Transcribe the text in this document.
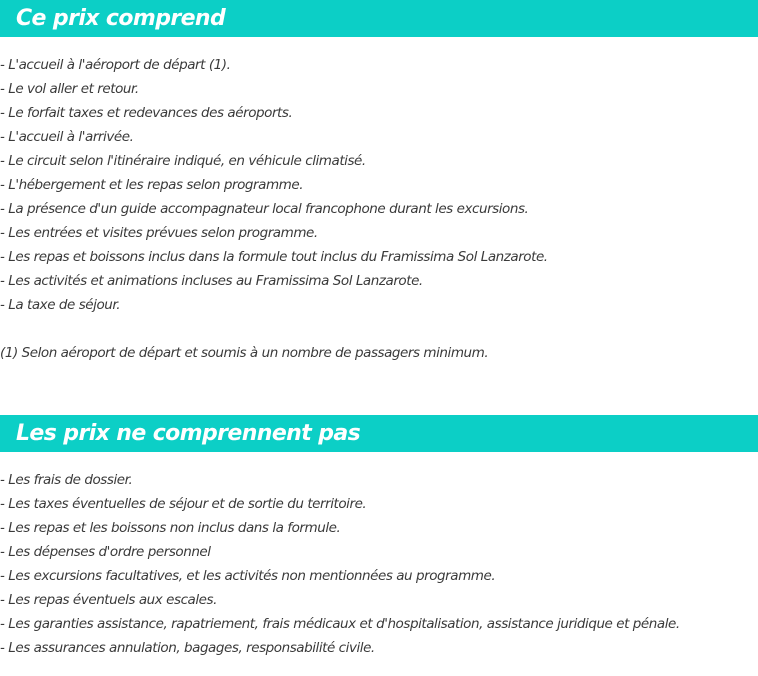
Ce prix comprend
- L'accueil à l'aéroport de départ (1).
- Le vol aller et retour.
- Le forfait taxes et redevances des aéroports.
- L'accueil à l'arrivée.
- Le circuit selon l'itinéraire indiqué, en véhicule climatisé.
- L'hébergement et les repas selon programme.
- La présence d'un guide accompagnateur local francophone durant les excursions.
- Les entrées et visites prévues selon programme.
- Les repas et boissons inclus dans la formule tout inclus du Framissima Sol Lanzarote.
- Les activités et animations incluses au Framissima Sol Lanzarote.
- La taxe de séjour.
(1) Selon aéroport de départ et soumis à un nombre de passagers minimum.
Les prix ne comprennent pas
- Les frais de dossier.
- Les taxes éventuelles de séjour et de sortie du territoire.
- Les repas et les boissons non inclus dans la formule.
- Les dépenses d'ordre personnel
- Les excursions facultatives, et les activités non mentionnées au programme.
- Les repas éventuels aux escales.
- Les garanties assistance, rapatriement, frais médicaux et d'hospitalisation, assistance juridique et pénale.
- Les assurances annulation, bagages, responsabilité civile.
